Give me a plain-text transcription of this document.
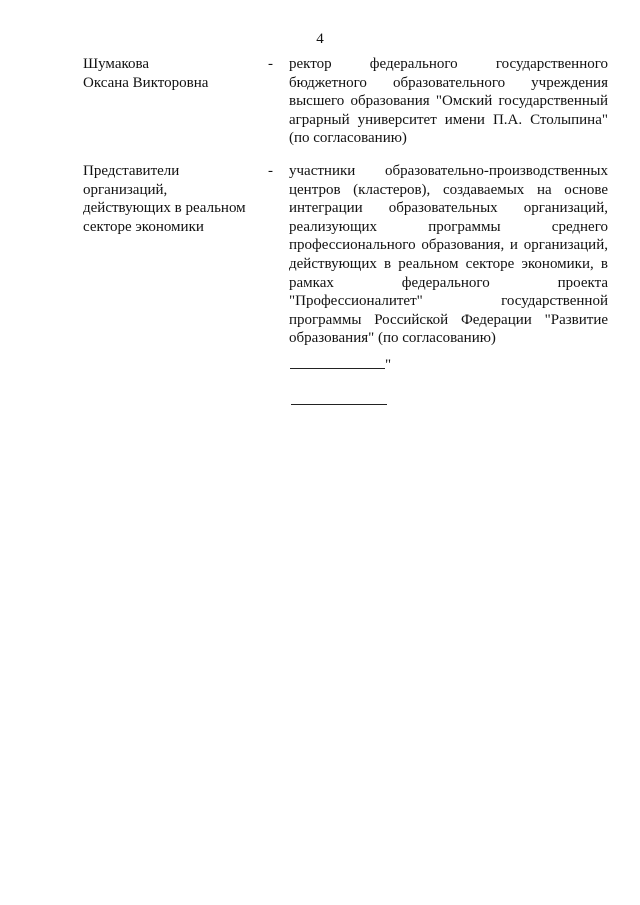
4
Шумакова
Оксана Викторовна
-	ректор федерального государственного бюджетного образовательного учреждения высшего образования "Омский государственный аграрный университет имени П.А. Столыпина" (по согласованию)
Представители
организаций,
действующих в реальном
секторе экономики
-	участники образовательно-производственных центров (кластеров), создаваемых на основе интеграции образовательных организаций, реализующих программы среднего профессионального образования, и организаций, действующих в реальном секторе экономики, в рамках федерального проекта "Профессионалитет" государственной программы Российской Федерации "Развитие образования" (по согласованию)
"
